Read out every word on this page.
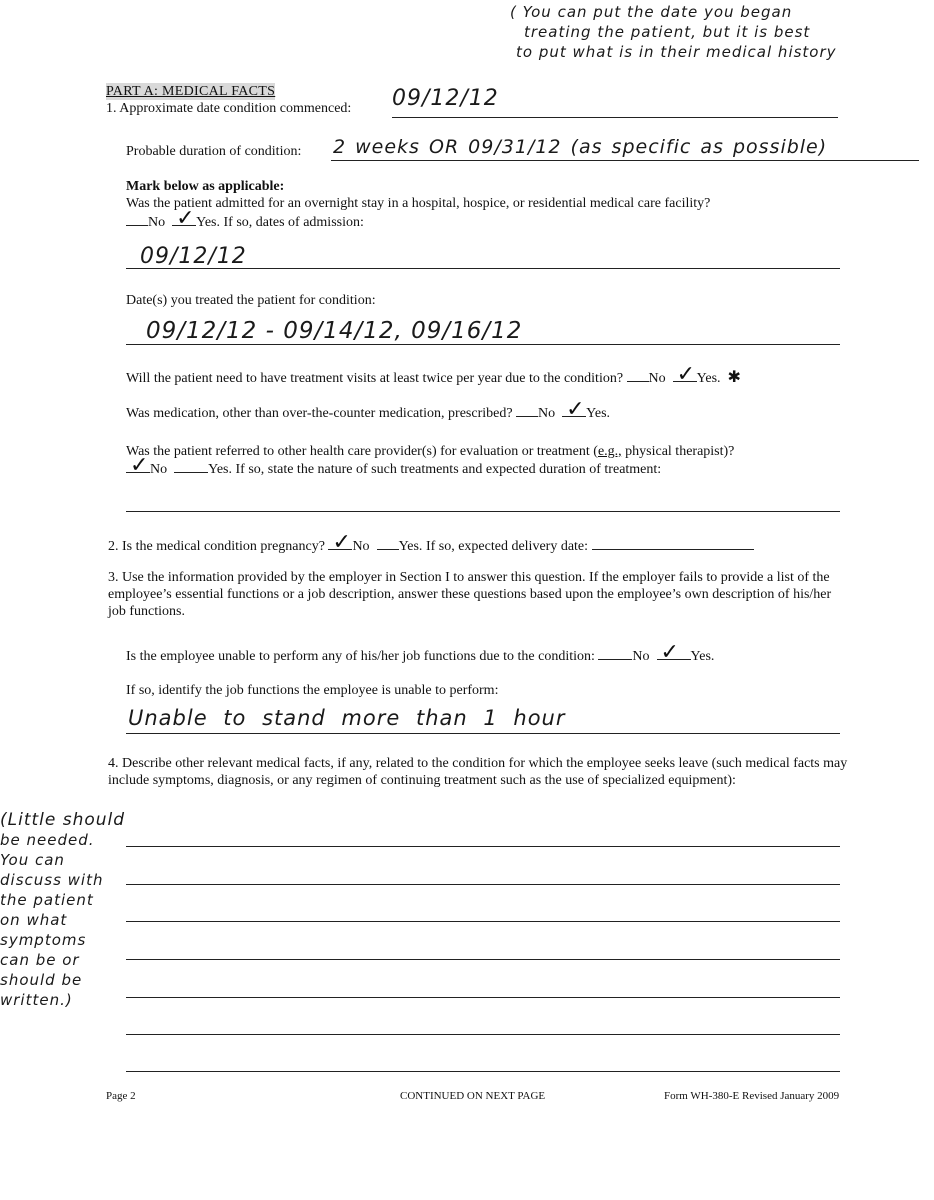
( You can put the date you began
treating the patient, but it is best
to put what is in their medical history
PART A: MEDICAL FACTS
1. Approximate date condition commenced: 09/12/12
Probable duration of condition: 2 weeks OR 09/31/12 (as specific as possible)
Mark below as applicable:
Was the patient admitted for an overnight stay in a hospital, hospice, or residential medical care facility?
No ✓ Yes. If so, dates of admission:
09/12/12
Date(s) you treated the patient for condition:
09/12/12 - 09/14/12, 09/16/12
Will the patient need to have treatment visits at least twice per year due to the condition? No ✓ Yes. ✱
Was medication, other than over-the-counter medication, prescribed? No ✓ Yes.
Was the patient referred to other health care provider(s) for evaluation or treatment (e.g., physical therapist)?
✓ No	Yes. If so, state the nature of such treatments and expected duration of treatment:
2. Is the medical condition pregnancy? ✓ No Yes. If so, expected delivery date:
3. Use the information provided by the employer in Section I to answer this question. If the employer fails to provide a list of the employee’s essential functions or a job description, answer these questions based upon the employee’s own description of his/her job functions.
Is the employee unable to perform any of his/her job functions due to the condition:	No ✓ Yes.
If so, identify the job functions the employee is unable to perform:
Unable to stand more than 1 hour
4. Describe other relevant medical facts, if any, related to the condition for which the employee seeks leave (such medical facts may include symptoms, diagnosis, or any regimen of continuing treatment such as the use of specialized equipment):
(Little should
be needed.
You can
discuss with
the patient
on what
symptoms
can be or
should be
written.)
Page 2	CONTINUED ON NEXT PAGE	Form WH-380-E Revised January 2009
